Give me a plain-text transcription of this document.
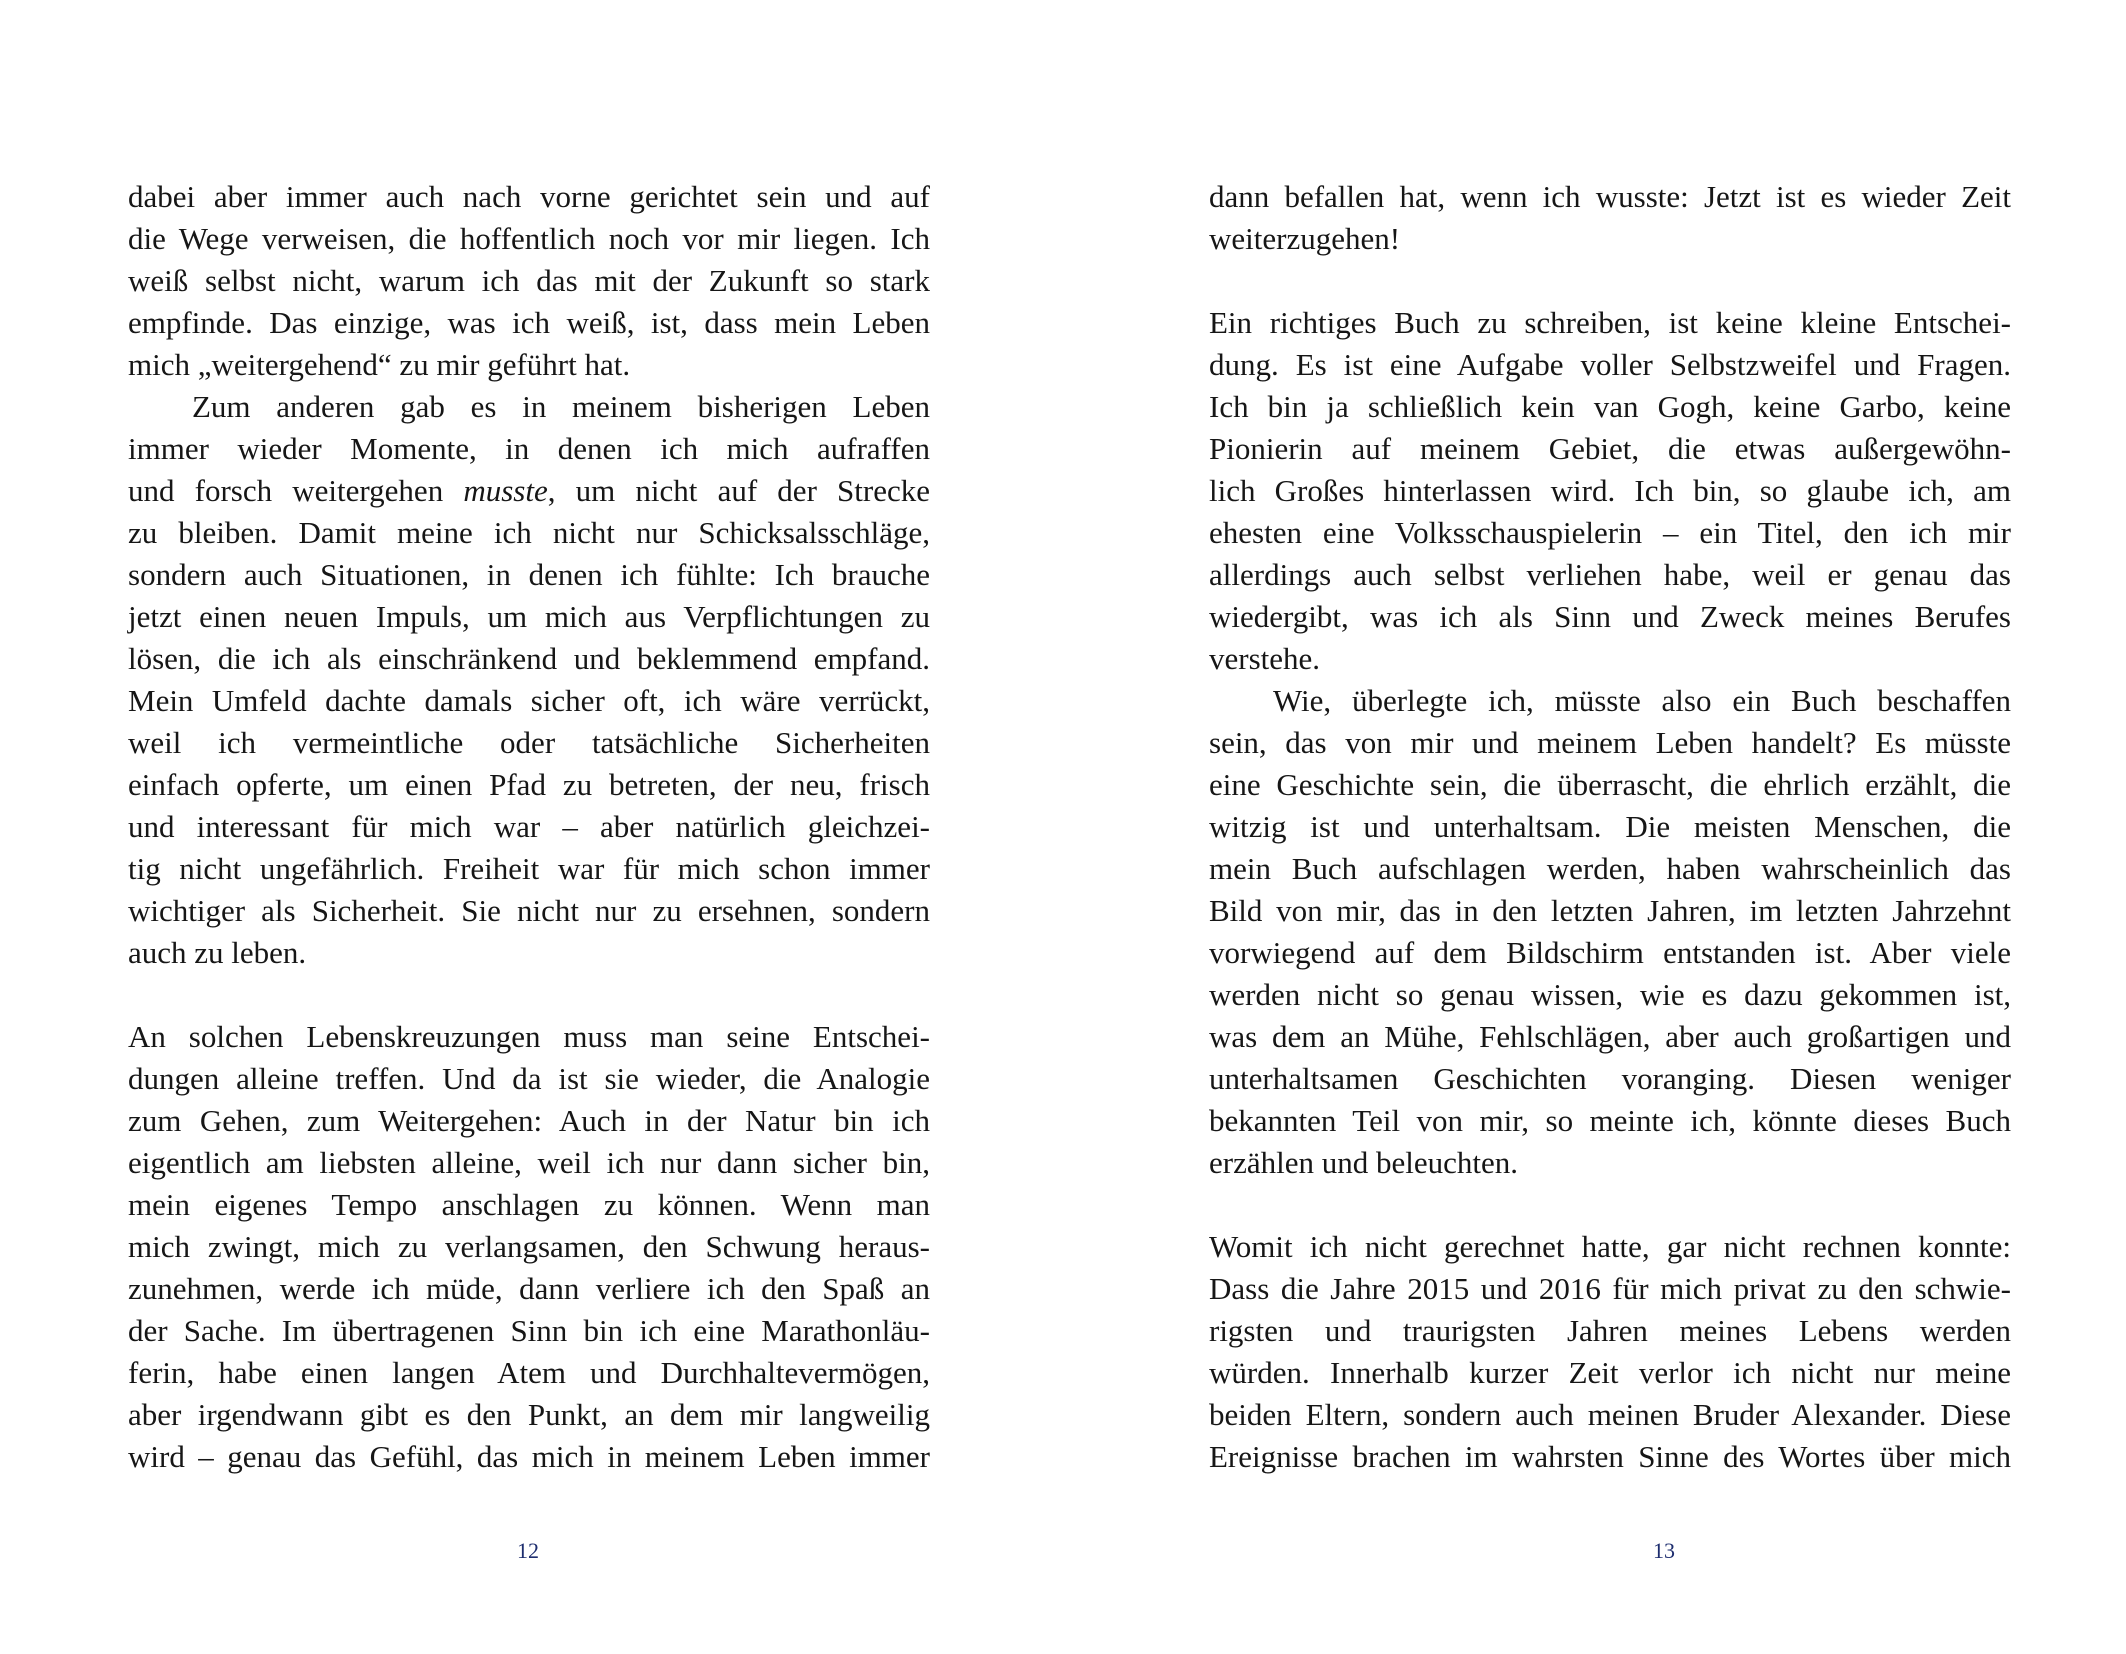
dabei aber immer auch nach vorne gerichtet sein und auf
die Wege verweisen, die hoffentlich noch vor mir liegen. Ich
weiß selbst nicht, warum ich das mit der Zukunft so stark
empfinde. Das einzige, was ich weiß, ist, dass mein Leben
mich „weitergehend“ zu mir geführt hat.
Zum anderen gab es in meinem bisherigen Leben
immer wieder Momente, in denen ich mich aufraffen
und forsch weitergehen musste, um nicht auf der Strecke
zu bleiben. Damit meine ich nicht nur Schicksalsschläge,
sondern auch Situationen, in denen ich fühlte: Ich brauche
jetzt einen neuen Impuls, um mich aus Verpflichtungen zu
lösen, die ich als einschränkend und beklemmend empfand.
Mein Umfeld dachte damals sicher oft, ich wäre verrückt,
weil ich vermeintliche oder tatsächliche Sicherheiten
einfach opferte, um einen Pfad zu betreten, der neu, frisch
und interessant für mich war – aber natürlich gleichzei-
tig nicht ungefährlich. Freiheit war für mich schon immer
wichtiger als Sicherheit. Sie nicht nur zu ersehnen, sondern
auch zu leben.
An solchen Lebenskreuzungen muss man seine Entschei-
dungen alleine treffen. Und da ist sie wieder, die Analogie
zum Gehen, zum Weitergehen: Auch in der Natur bin ich
eigentlich am liebsten alleine, weil ich nur dann sicher bin,
mein eigenes Tempo anschlagen zu können. Wenn man
mich zwingt, mich zu verlangsamen, den Schwung heraus-
zunehmen, werde ich müde, dann verliere ich den Spaß an
der Sache. Im übertragenen Sinn bin ich eine Marathonläu-
ferin, habe einen langen Atem und Durchhaltevermögen,
aber irgendwann gibt es den Punkt, an dem mir langweilig
wird – genau das Gefühl, das mich in meinem Leben immer
12
dann befallen hat, wenn ich wusste: Jetzt ist es wieder Zeit
weiterzugehen!
Ein richtiges Buch zu schreiben, ist keine kleine Entschei-
dung. Es ist eine Aufgabe voller Selbstzweifel und Fragen.
Ich bin ja schließlich kein van Gogh, keine Garbo, keine
Pionierin auf meinem Gebiet, die etwas außergewöhn-
lich Großes hinterlassen wird. Ich bin, so glaube ich, am
ehesten eine Volksschauspielerin – ein Titel, den ich mir
allerdings auch selbst verliehen habe, weil er genau das
wiedergibt, was ich als Sinn und Zweck meines Berufes
verstehe.
Wie, überlegte ich, müsste also ein Buch beschaffen
sein, das von mir und meinem Leben handelt? Es müsste
eine Geschichte sein, die überrascht, die ehrlich erzählt, die
witzig ist und unterhaltsam. Die meisten Menschen, die
mein Buch aufschlagen werden, haben wahrscheinlich das
Bild von mir, das in den letzten Jahren, im letzten Jahrzehnt
vorwiegend auf dem Bildschirm entstanden ist. Aber viele
werden nicht so genau wissen, wie es dazu gekommen ist,
was dem an Mühe, Fehlschlägen, aber auch großartigen und
unterhaltsamen Geschichten voranging. Diesen weniger
bekannten Teil von mir, so meinte ich, könnte dieses Buch
erzählen und beleuchten.
Womit ich nicht gerechnet hatte, gar nicht rechnen konnte:
Dass die Jahre 2015 und 2016 für mich privat zu den schwie-
rigsten und traurigsten Jahren meines Lebens werden
würden. Innerhalb kurzer Zeit verlor ich nicht nur meine
beiden Eltern, sondern auch meinen Bruder Alexander. Diese
Ereignisse brachen im wahrsten Sinne des Wortes über mich
13
